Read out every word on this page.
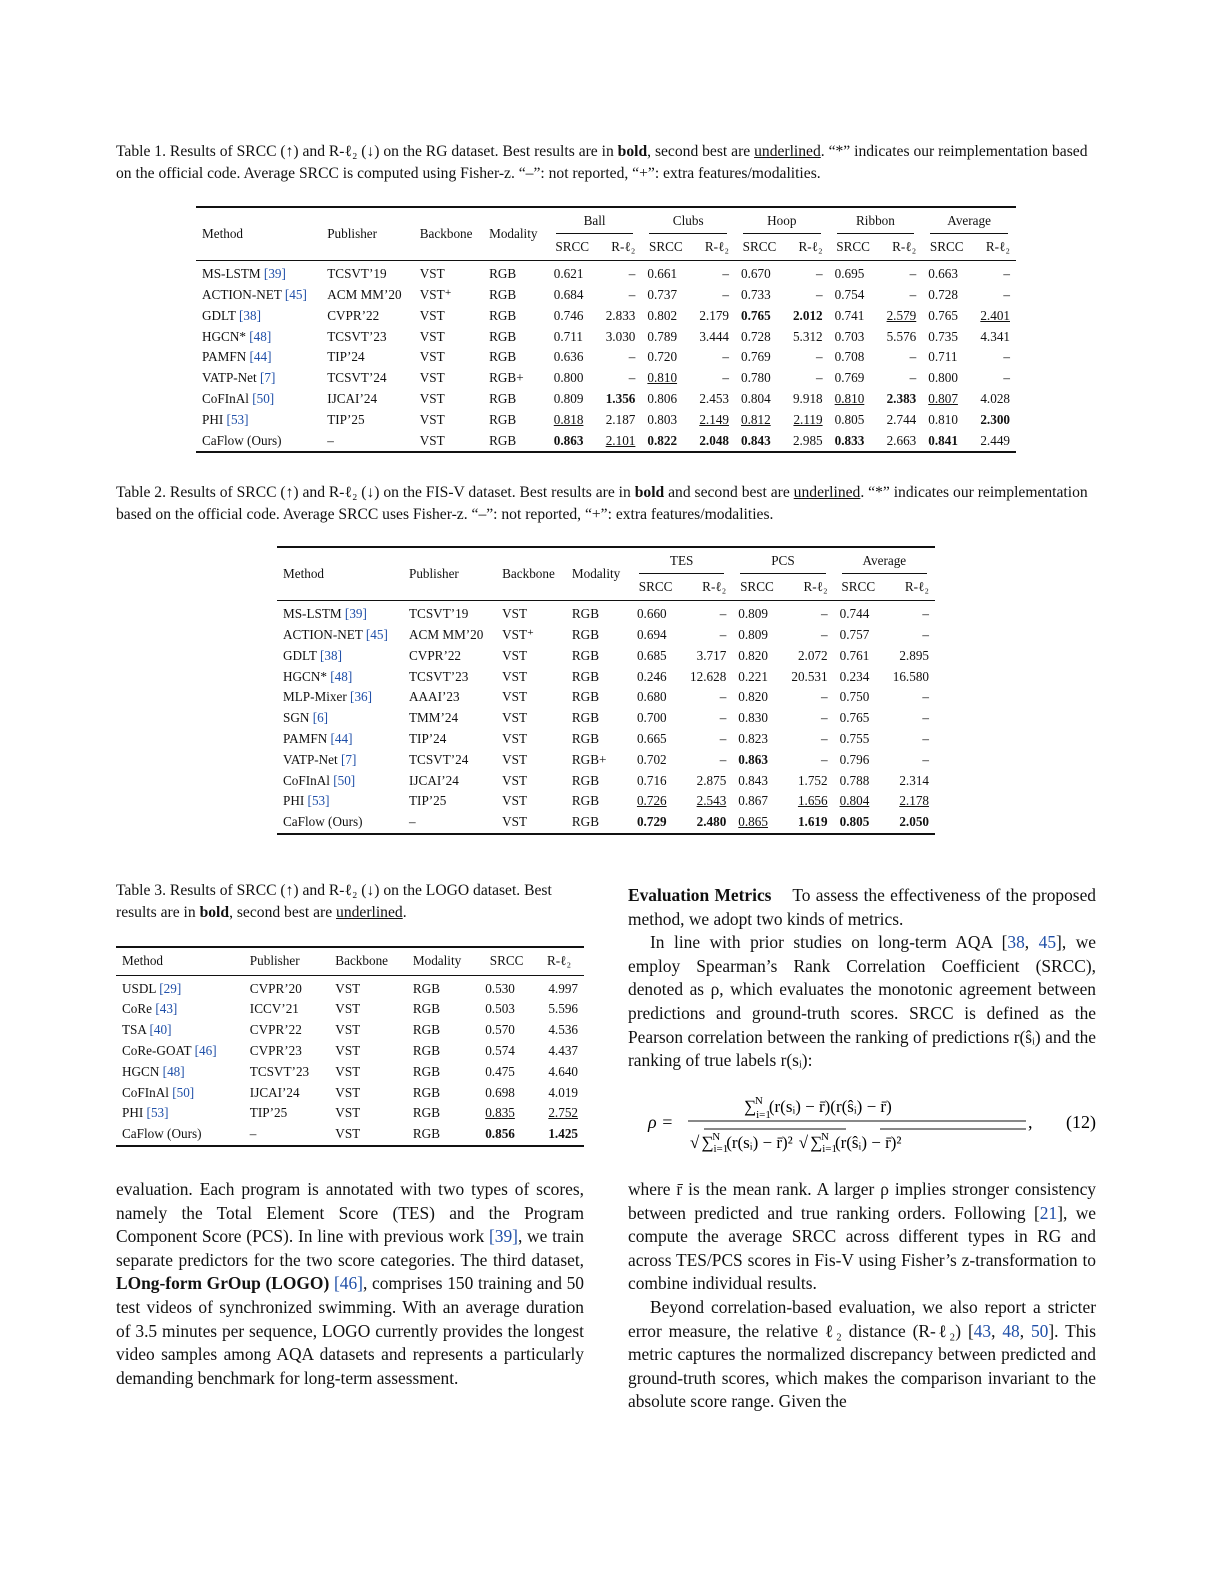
Table 1. Results of SRCC (↑) and R-ℓ₂ (↓) on the RG dataset. Best results are in bold, second best are underlined. “*” indicates our reimplementation based on the official code. Average SRCC is computed using Fisher-z. “–”: not reported, “+”: extra features/modalities.
Method	Publisher	Backbone	Modality	Ball		Clubs		Hoop		Ribbon		Average	

				SRCC	R-ℓ₂	SRCC	R-ℓ₂	SRCC	R-ℓ₂	SRCC	R-ℓ₂	SRCC	R-ℓ₂
MS-LSTM [39]	TCSVT’19	VST	RGB	0.621	–	0.661	–	0.670	–	0.695	–	0.663	–
ACTION-NET [45]	ACM MM’20	VST⁺	RGB	0.684	–	0.737	–	0.733	–	0.754	–	0.728	–
GDLT [38]	CVPR’22	VST	RGB	0.746	2.833	0.802	2.179	0.765	2.012	0.741	2.579	0.765	2.401
HGCN* [48]	TCSVT’23	VST	RGB	0.711	3.030	0.789	3.444	0.728	5.312	0.703	5.576	0.735	4.341
PAMFN [44]	TIP’24	VST	RGB	0.636	–	0.720	–	0.769	–	0.708	–	0.711	–
VATP-Net [7]	TCSVT’24	VST	RGB+	0.800	–	0.810	–	0.780	–	0.769	–	0.800	–
CoFInAl [50]	IJCAI’24	VST	RGB	0.809	1.356	0.806	2.453	0.804	9.918	0.810	2.383	0.807	4.028
PHI [53]	TIP’25	VST	RGB	0.818	2.187	0.803	2.149	0.812	2.119	0.805	2.744	0.810	2.300
CaFlow (Ours)	–	VST	RGB	0.863	2.101	0.822	2.048	0.843	2.985	0.833	2.663	0.841	2.449
Table 2. Results of SRCC (↑) and R-ℓ₂ (↓) on the FIS-V dataset. Best results are in bold and second best are underlined. “*” indicates our reimplementation based on the official code. Average SRCC uses Fisher-z. “–”: not reported, “+”: extra features/modalities.
Method	Publisher	Backbone	Modality	TES		PCS		Average	

				SRCC	R-ℓ₂	SRCC	R-ℓ₂	SRCC	R-ℓ₂
MS-LSTM [39]	TCSVT’19	VST	RGB	0.660	–	0.809	–	0.744	–
ACTION-NET [45]	ACM MM’20	VST⁺	RGB	0.694	–	0.809	–	0.757	–
GDLT [38]	CVPR’22	VST	RGB	0.685	3.717	0.820	2.072	0.761	2.895
HGCN* [48]	TCSVT’23	VST	RGB	0.246	12.628	0.221	20.531	0.234	16.580
MLP-Mixer [36]	AAAI’23	VST	RGB	0.680	–	0.820	–	0.750	–
SGN [6]	TMM’24	VST	RGB	0.700	–	0.830	–	0.765	–
PAMFN [44]	TIP’24	VST	RGB	0.665	–	0.823	–	0.755	–
VATP-Net [7]	TCSVT’24	VST	RGB+	0.702	–	0.863	–	0.796	–
CoFInAl [50]	IJCAI’24	VST	RGB	0.716	2.875	0.843	1.752	0.788	2.314
PHI [53]	TIP’25	VST	RGB	0.726	2.543	0.867	1.656	0.804	2.178
CaFlow (Ours)	–	VST	RGB	0.729	2.480	0.865	1.619	0.805	2.050
Table 3. Results of SRCC (↑) and R-ℓ₂ (↓) on the LOGO dataset. Best results are in bold, second best are underlined.
Method	Publisher	Backbone	Modality	SRCC	R-ℓ₂
USDL [29]	CVPR’20	VST	RGB	0.530	4.997
CoRe [43]	ICCV’21	VST	RGB	0.503	5.596
TSA [40]	CVPR’22	VST	RGB	0.570	4.536
CoRe-GOAT [46]	CVPR’23	VST	RGB	0.574	4.437
HGCN [48]	TCSVT’23	VST	RGB	0.475	4.640
CoFInAl [50]	IJCAI’24	VST	RGB	0.698	4.019
PHI [53]	TIP’25	VST	RGB	0.835	2.752
CaFlow (Ours)	–	VST	RGB	0.856	1.425

evaluation. Each program is annotated with two types of scores, namely the Total Element Score (TES) and the Program Component Score (PCS). In line with previous work [39], we train separate predictors for the two score categories. The third dataset, LOng-form GrOup (LOGO) [46], comprises 150 training and 50 test videos of synchronized swimming. With an average duration of 3.5 minutes per sequence, LOGO currently provides the longest video samples among AQA datasets and represents a particularly demanding benchmark for long-term assessment.

Evaluation Metrics To assess the effectiveness of the proposed method, we adopt two kinds of metrics.

In line with prior studies on long-term AQA [38, 45], we employ Spearman’s Rank Correlation Coefficient (SRCC), denoted as ρ, which evaluates the monotonic agreement between predictions and ground-truth scores. SRCC is defined as the Pearson correlation between the ranking of predictions r(ŝᵢ) and the ranking of true labels r(sᵢ):

ρ =
$\sum_{i=1}N$ (r(sᵢ) − r̄)(r(ŝᵢ) − r̄)
√ $\sum_{i=1}N$ (r(sᵢ) − r̄)² √ $\sum_{i=1}N$ (r(ŝᵢ) − r̄)²
, (12)

where r̄ is the mean rank. A larger ρ implies stronger consistency between predicted and true ranking orders. Following [21], we compute the average SRCC across different types in RG and across TES/PCS scores in Fis-V using Fisher’s z-transformation to combine individual results.

Beyond correlation-based evaluation, we also report a stricter error measure, the relative ℓ₂ distance (R-ℓ₂) [43, 48, 50]. This metric captures the normalized discrepancy between predicted and ground-truth scores, which makes the comparison invariant to the absolute score range. Given the
